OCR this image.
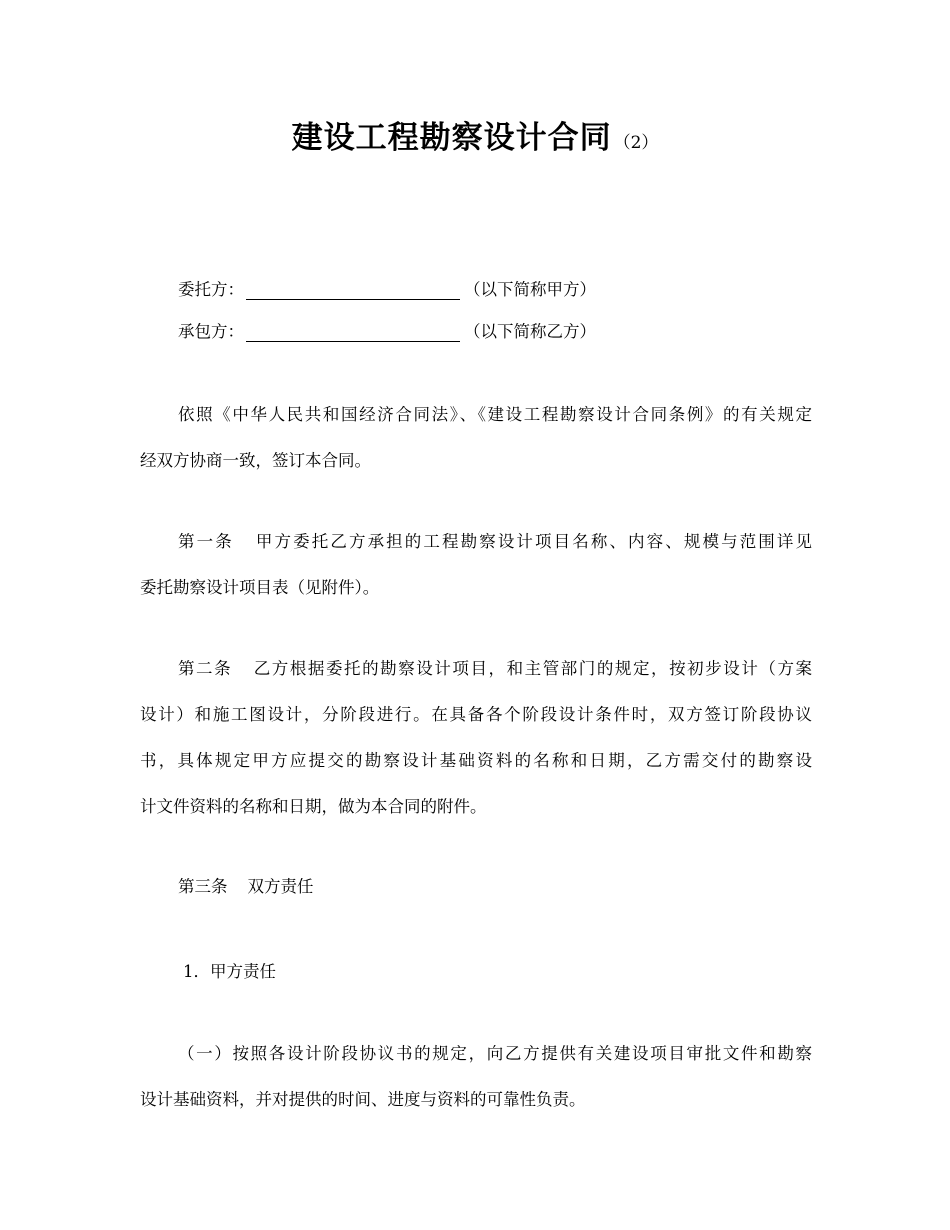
建设工程勘察设计合同 （2）
委托方：	（以下简称甲方）
承包方：	（以下简称乙方）
依照《中华人民共和国经济合同法》、《建设工程勘察设计合同条例》的有关规定
经双方协商一致，签订本合同。
第一条 甲方委托乙方承担的工程勘察设计项目名称、内容、规模与范围详见
委托勘察设计项目表（见附件）。
第二条 乙方根据委托的勘察设计项目，和主管部门的规定，按初步设计（方案
设计）和施工图设计，分阶段进行。在具备各个阶段设计条件时，双方签订阶段协议
书，具体规定甲方应提交的勘察设计基础资料的名称和日期，乙方需交付的勘察设
计文件资料的名称和日期，做为本合同的附件。
第三条 双方责任
1．甲方责任
（一）按照各设计阶段协议书的规定，向乙方提供有关建设项目审批文件和勘察
设计基础资料，并对提供的时间、进度与资料的可靠性负责。
